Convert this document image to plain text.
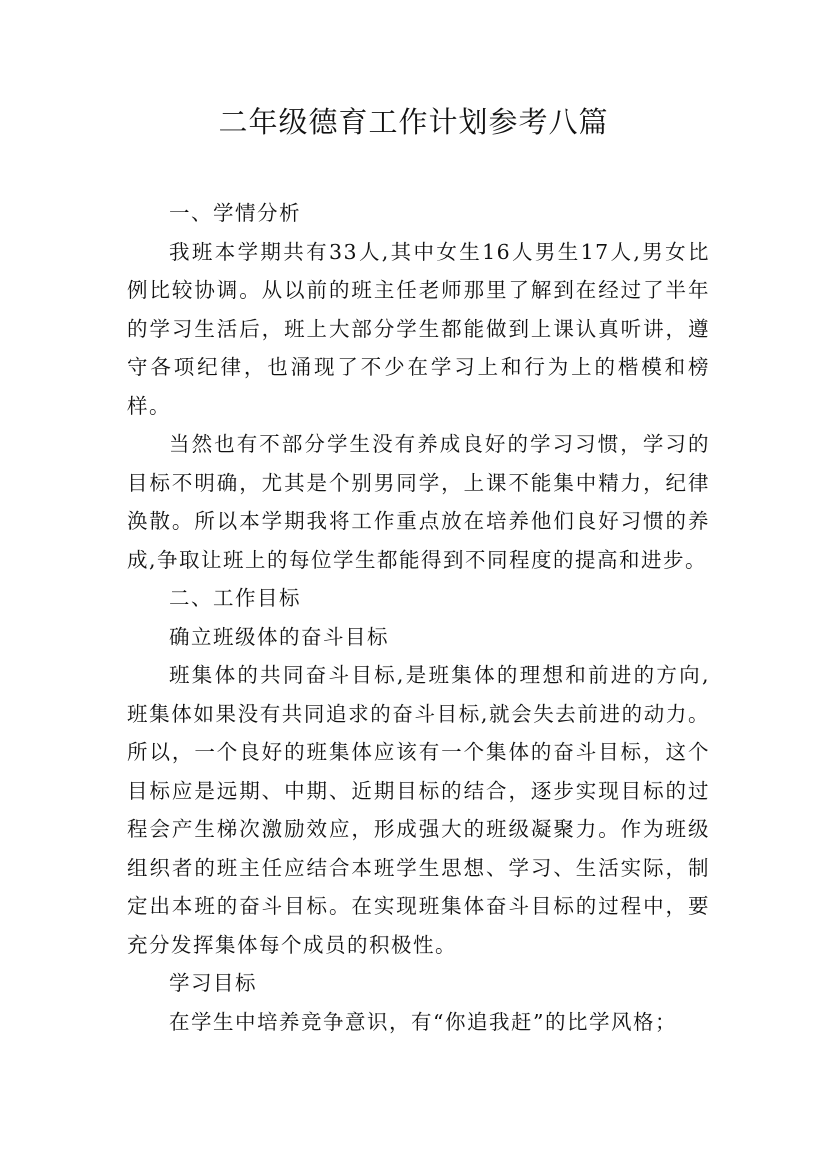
二年级德育工作计划参考八篇

一、学情分析

我班本学期共有33人,其中女生16人男生17人,男女比例比较协调。从以前的班主任老师那里了解到在经过了半年的学习生活后，班上大部分学生都能做到上课认真听讲，遵守各项纪律，也涌现了不少在学习上和行为上的楷模和榜样。

当然也有不部分学生没有养成良好的学习习惯，学习的目标不明确，尤其是个别男同学，上课不能集中精力，纪律涣散。所以本学期我将工作重点放在培养他们良好习惯的养成,争取让班上的每位学生都能得到不同程度的提高和进步。

二、工作目标

确立班级体的奋斗目标

班集体的共同奋斗目标,是班集体的理想和前进的方向,班集体如果没有共同追求的奋斗目标,就会失去前进的动力。所以，一个良好的班集体应该有一个集体的奋斗目标，这个目标应是远期、中期、近期目标的结合，逐步实现目标的过程会产生梯次激励效应，形成强大的班级凝聚力。作为班级组织者的班主任应结合本班学生思想、学习、生活实际，制定出本班的奋斗目标。在实现班集体奋斗目标的过程中，要充分发挥集体每个成员的积极性。

学习目标

在学生中培养竞争意识，有“你追我赶”的比学风格；
